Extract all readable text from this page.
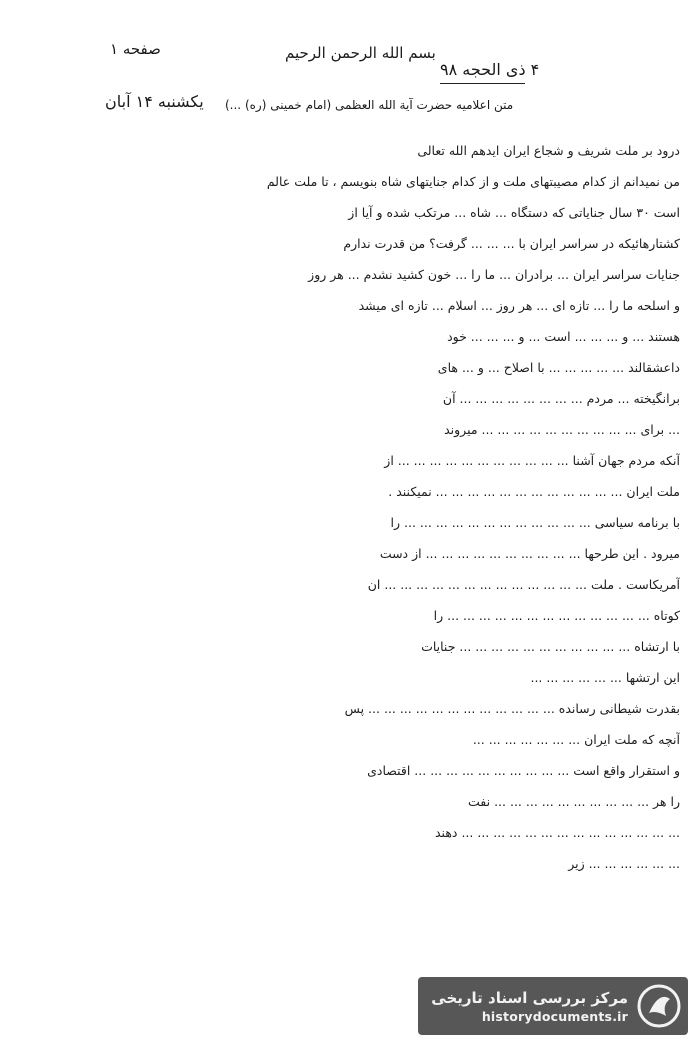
بسم الله الرحمن الرحيم
۴ ذی الحجه ۹۸
صفحه ۱
یکشنبه ۱۴ آبان متن اعلامیه حضرت آیة الله العظمی (امام خمینی (ره) ...)
درود بر ملت شریف و شجاع ایران ایدهم الله تعالی
من نمیدانم از کدام مصیبتهای ملت و از کدام جنایتهای شاه بنویسم ، تا ملت عالم
است ۳۰ سال جنایاتی که دستگاه ... شاه ... مرتکب شده و آیا از
کشتارهائیکه در سراسر ایران با ... ... ... گرفت؟ من قدرت ندارم
جنایات سراسر ایران ... برادران ... ما را ... خون کشید نشدم ... هر روز
و اسلحه ما را ... تازه ای ... هر روز ... اسلام ... تازه ای میشد
هستند ... و ... ... ... است ... و ... ... ... خود
داعشقالند ... ... ... ... ... با اصلاح ... و ... های
برانگیخته ... مردم ... ... ... ... ... ... ... ... آن
... برای ... ... ... ... ... ... ... ... ... ... میروند
آنکه مردم جهان آشنا ... ... ... ... ... ... ... ... ... ... ... از
ملت ایران ... ... ... ... ... ... ... ... ... ... ... ... نمیکنند .
با برنامه سیاسی ... ... ... ... ... ... ... ... ... ... ... ... را
میرود . این طرحها ... ... ... ... ... ... ... ... ... ... از دست
آمریکاست . ملت ... ... ... ... ... ... ... ... ... ... ... ... ... ان
کوتاه ... ... ... ... ... ... ... ... ... ... ... ... ... را
با ارتشاه ... ... ... ... ... ... ... ... ... ... ... جنایات
این ارتشها ... ... ... ... ... ...
بقدرت شیطانی رسانده ... ... ... ... ... ... ... ... ... ... ... ... پس
آنچه که ملت ایران ... ... ... ... ... ... ...
و استقرار واقع است ... ... ... ... ... ... ... ... ... ... اقتصادی
را هر ... ... ... ... ... ... ... ... ... ... نفت
... ... ... ... ... ... ... ... ... ... ... ... ... ... دهند
... ... ... ... ... ... زیر
مرکز بررسی اسناد تاریخی
historydocuments.ir
